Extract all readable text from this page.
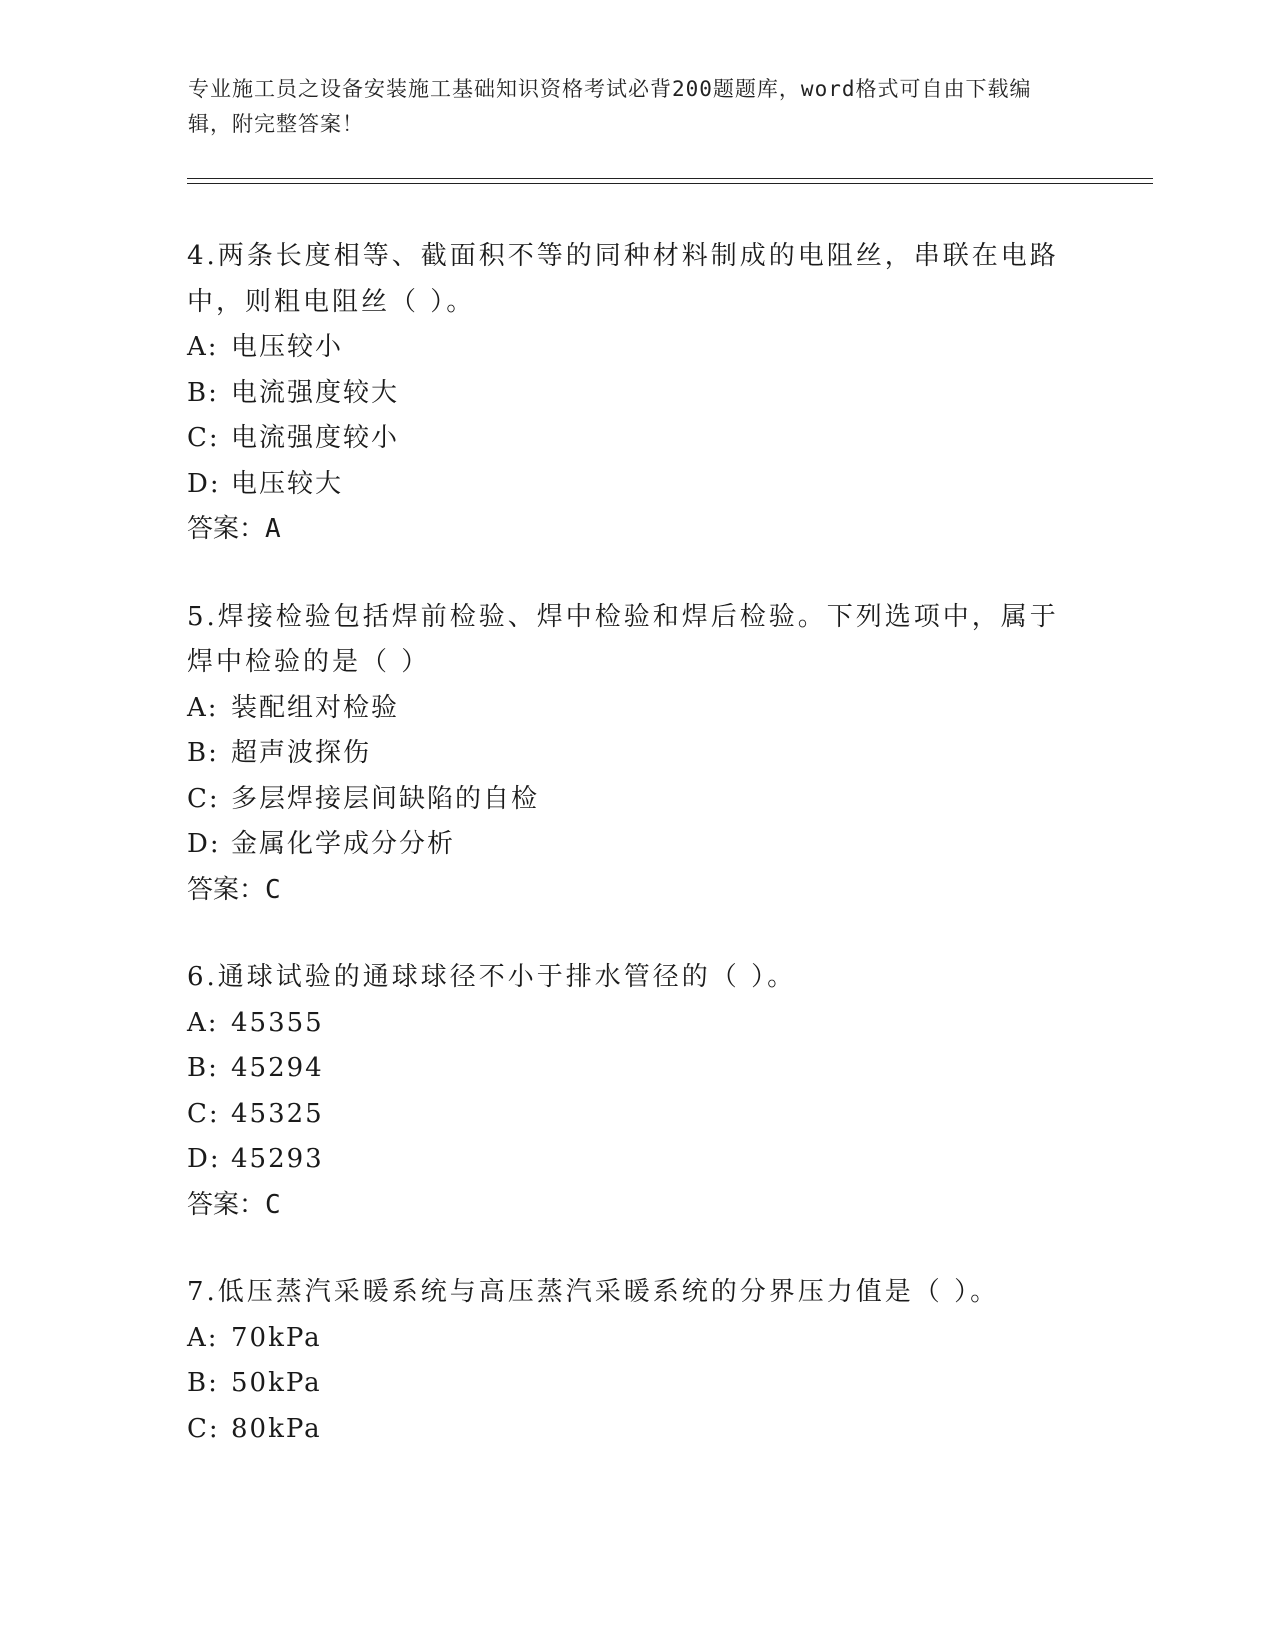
专业施工员之设备安装施工基础知识资格考试必背200题题库，word格式可自由下载编辑，附完整答案！

4.两条长度相等、截面积不等的同种材料制成的电阻丝，串联在电路中，则粗电阻丝（ ）。

A: 电压较小

B: 电流强度较大

C: 电流强度较小

D: 电压较大

答案：A

5.焊接检验包括焊前检验、焊中检验和焊后检验。下列选项中，属于焊中检验的是（ ）

A: 装配组对检验

B: 超声波探伤

C: 多层焊接层间缺陷的自检

D: 金属化学成分分析

答案：C

6.通球试验的通球球径不小于排水管径的（ ）。

A: 45355

B: 45294

C: 45325

D: 45293

答案：C

7.低压蒸汽采暖系统与高压蒸汽采暖系统的分界压力值是（ ）。

A: 70kPa

B: 50kPa

C: 80kPa
